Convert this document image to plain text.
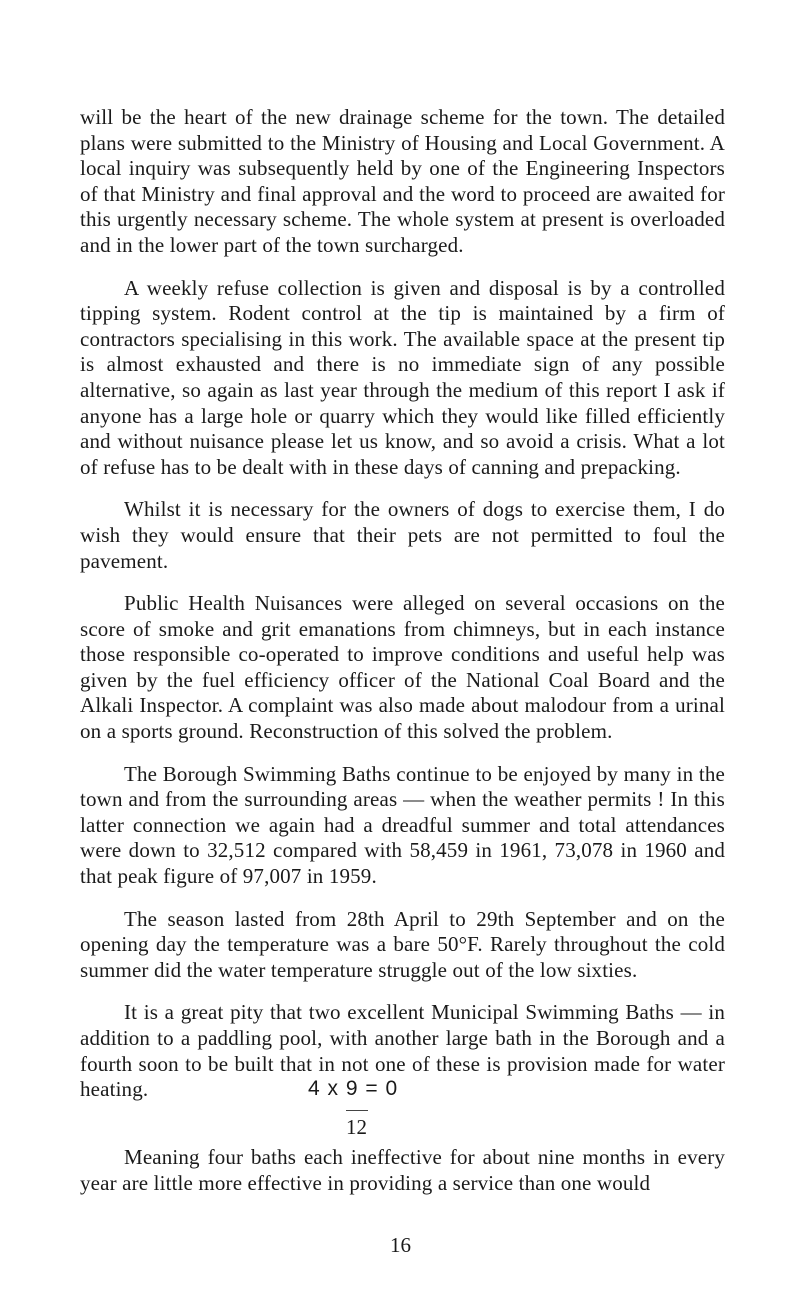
will be the heart of the new drainage scheme for the town. The detailed plans were submitted to the Ministry of Housing and Local Government. A local inquiry was subsequently held by one of the Engineering Inspectors of that Ministry and final approval and the word to proceed are awaited for this urgently necessary scheme. The whole system at present is overloaded and in the lower part of the town surcharged.

A weekly refuse collection is given and disposal is by a controlled tipping system. Rodent control at the tip is maintained by a firm of contractors specialising in this work. The available space at the present tip is almost exhausted and there is no immediate sign of any possible alternative, so again as last year through the medium of this report I ask if anyone has a large hole or quarry which they would like filled efficiently and without nuisance please let us know, and so avoid a crisis. What a lot of refuse has to be dealt with in these days of canning and prepacking.

Whilst it is necessary for the owners of dogs to exercise them, I do wish they would ensure that their pets are not permitted to foul the pavement.

Public Health Nuisances were alleged on several occasions on the score of smoke and grit emanations from chimneys, but in each instance those responsible co-operated to improve conditions and useful help was given by the fuel efficiency officer of the National Coal Board and the Alkali Inspector. A complaint was also made about malodour from a urinal on a sports ground. Reconstruction of this solved the problem.

The Borough Swimming Baths continue to be enjoyed by many in the town and from the surrounding areas — when the weather permits ! In this latter connection we again had a dreadful summer and total attendances were down to 32,512 compared with 58,459 in 1961, 73,078 in 1960 and that peak figure of 97,007 in 1959.

The season lasted from 28th April to 29th September and on the opening day the temperature was a bare 50°F. Rarely throughout the cold summer did the water temperature struggle out of the low sixties.

It is a great pity that two excellent Municipal Swimming Baths — in addition to a paddling pool, with another large bath in the Borough and a fourth soon to be built that in not one of these is provision made for water heating.	4 x 9 = 0
12

Meaning four baths each ineffective for about nine months in every year are little more effective in providing a service than one would

16
